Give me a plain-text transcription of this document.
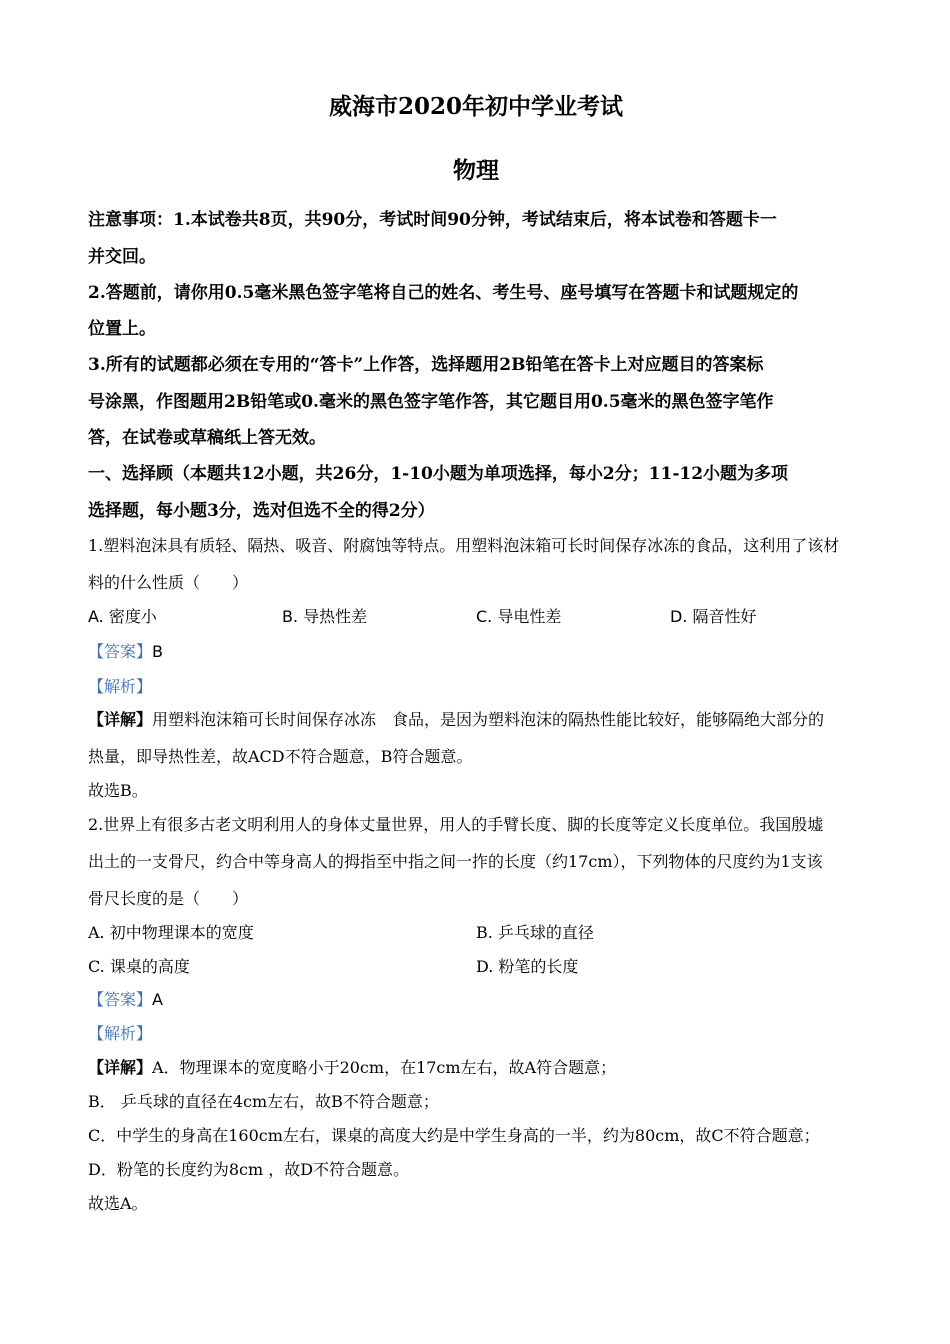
威海市2020年初中学业考试
物理
注意事项：1.本试卷共8页，共90分，考试时间90分钟，考试结束后，将本试卷和答题卡一
并交回。
2.答题前，请你用0.5毫米黑色签字笔将自己的姓名、考生号、座号填写在答题卡和试题规定的
位置上。
3.所有的试题都必须在专用的“答卡”上作答，选择题用2B铅笔在答卡上对应题目的答案标
号涂黑，作图题用2B铅笔或0.毫米的黑色签字笔作答，其它题目用0.5毫米的黑色签字笔作
答，在试卷或草稿纸上答无效。
一、选择顾（本题共12小题，共26分，1-10小题为单项选择，每小2分；11-12小题为多项
选择题，每小题3分，选对但选不全的得2分）
1.塑料泡沫具有质轻、隔热、吸音、附腐蚀等特点。用塑料泡沫箱可长时间保存冰冻的食品，这利用了该材
料的什么性质（　　）
A. 密度小	B. 导热性差	C. 导电性差	D. 隔音性好
【答案】B
【解析】
【详解】用塑料泡沫箱可长时间保存冰冻　食品，是因为塑料泡沫的隔热性能比较好，能够隔绝大部分的
热量，即导热性差，故ACD不符合题意，B符合题意。
故选B。
2.世界上有很多古老文明利用人的身体丈量世界，用人的手臂长度、脚的长度等定义长度单位。我国殷墟
出土的一支骨尺，约合中等身高人的拇指至中指之间一拃的长度（约17cm），下列物体的尺度约为1支该
骨尺长度的是（　　）
A. 初中物理课本的宽度	B. 乒乓球的直径
C. 课桌的高度	D. 粉笔的长度
【答案】A
【解析】
【详解】A．物理课本的宽度略小于20cm，在17cm左右，故A符合题意；
B． 乒乓球的直径在4cm左右，故B不符合题意；
C．中学生的身高在160cm左右，课桌的高度大约是中学生身高的一半，约为80cm，故C不符合题意；
D．粉笔的长度约为8cm ，故D不符合题意。
故选A。
